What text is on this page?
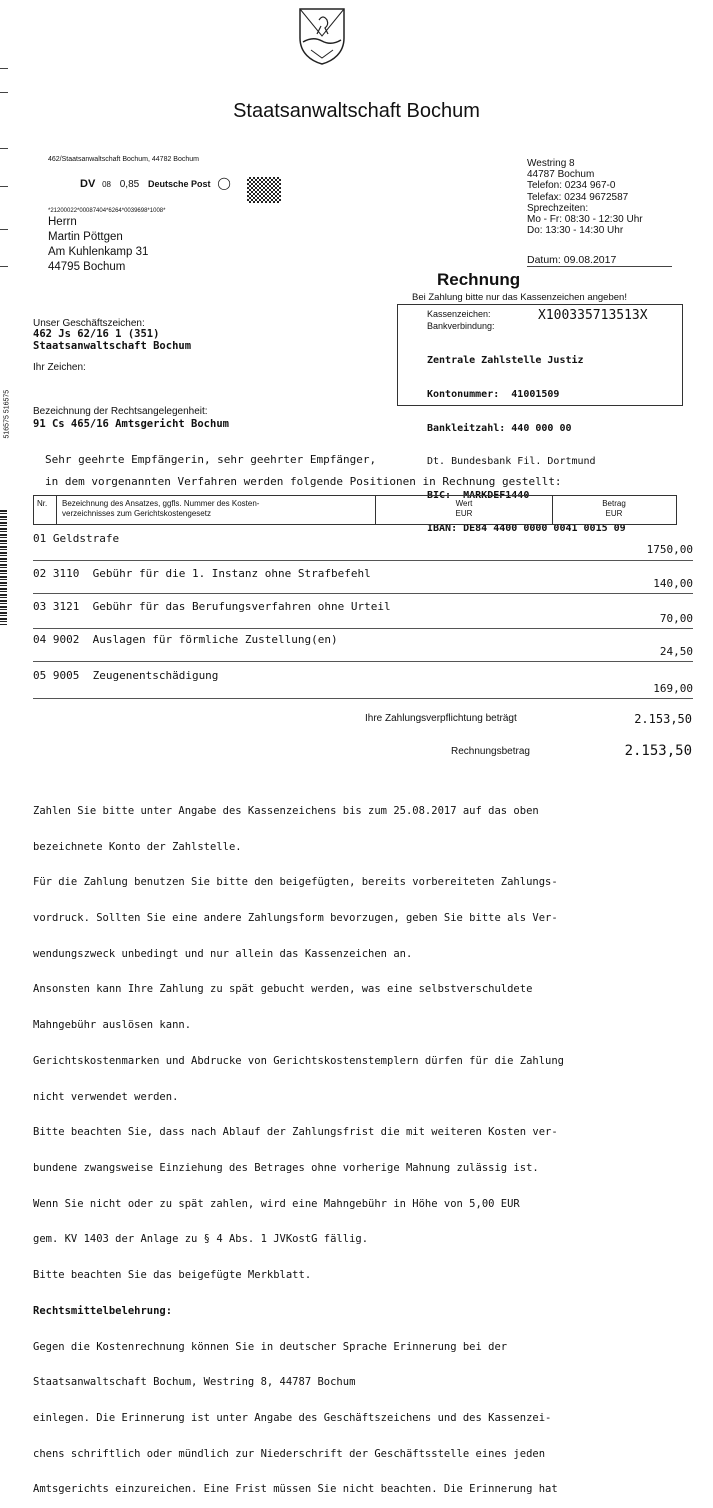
516575 516575
Staatsanwaltschaft Bochum
462/Staatsanwaltschaft Bochum, 44782 Bochum
DV 08 0,85 Deutsche Post ◯
*21200022*00087404*6264*0039698*1008*
Herrn
Martin Pöttgen
Am Kuhlenkamp 31
44795 Bochum
Westring 8
44787 Bochum
Telefon: 0234 967-0
Telefax: 0234 9672587
Sprechzeiten:
Mo - Fr: 08:30 - 12:30 Uhr
Do: 13:30 - 14:30 Uhr
Datum: 09.08.2017
Rechnung
Bei Zahlung bitte nur das Kassenzeichen angeben!
Kassenzeichen:	X100335713513X
Bankverbindung:

Zentrale Zahlstelle Justiz

Kontonummer:  41001509

Bankleitzahl: 440 000 00

Dt. Bundesbank Fil. Dortmund

BIC:  MARKDEF1440

IBAN: DE84 4400 0000 0041 0015 09

Unser Geschäftszeichen:
462 Js 62/16 1 (351)
Staatsanwaltschaft Bochum
Ihr Zeichen:
Bezeichnung der Rechtsangelegenheit:
91 Cs 465/16 Amtsgericht Bochum
Sehr geehrte Empfängerin, sehr geehrter Empfänger,
in dem vorgenannten Verfahren werden folgende Positionen in Rechnung gestellt:
Nr. Bezeichnung des Ansatzes, ggfls. Nummer des Kosten-
verzeichnisses zum Gerichtskostengesetz
Wert
EUR
Betrag
EUR
01 Geldstrafe
1750,00
02 3110  Gebühr für die 1. Instanz ohne Strafbefehl
140,00
03 3121  Gebühr für das Berufungsverfahren ohne Urteil
70,00
04 9002  Auslagen für förmliche Zustellung(en)
24,50
05 9005  Zeugenentschädigung
169,00
Ihre Zahlungsverpflichtung beträgt	2.153,50
Rechnungsbetrag	2.153,50

Zahlen Sie bitte unter Angabe des Kassenzeichens bis zum 25.08.2017 auf das oben

bezeichnete Konto der Zahlstelle.

Für die Zahlung benutzen Sie bitte den beigefügten, bereits vorbereiteten Zahlungs-

vordruck. Sollten Sie eine andere Zahlungsform bevorzugen, geben Sie bitte als Ver-

wendungszweck unbedingt und nur allein das Kassenzeichen an.

Ansonsten kann Ihre Zahlung zu spät gebucht werden, was eine selbstverschuldete

Mahngebühr auslösen kann.

Gerichtskostenmarken und Abdrucke von Gerichtskostenstemplern dürfen für die Zahlung

nicht verwendet werden.

Bitte beachten Sie, dass nach Ablauf der Zahlungsfrist die mit weiteren Kosten ver-

bundene zwangsweise Einziehung des Betrages ohne vorherige Mahnung zulässig ist.

Wenn Sie nicht oder zu spät zahlen, wird eine Mahngebühr in Höhe von 5,00 EUR

gem. KV 1403 der Anlage zu § 4 Abs. 1 JVKostG fällig.

Bitte beachten Sie das beigefügte Merkblatt.

Rechtsmittelbelehrung:

Gegen die Kostenrechnung können Sie in deutscher Sprache Erinnerung bei der

Staatsanwaltschaft Bochum, Westring 8, 44787 Bochum

einlegen. Die Erinnerung ist unter Angabe des Geschäftszeichens und des Kassenzei-

chens schriftlich oder mündlich zur Niederschrift der Geschäftsstelle eines jeden

Amtsgerichts einzureichen. Eine Frist müssen Sie nicht beachten. Die Erinnerung hat
